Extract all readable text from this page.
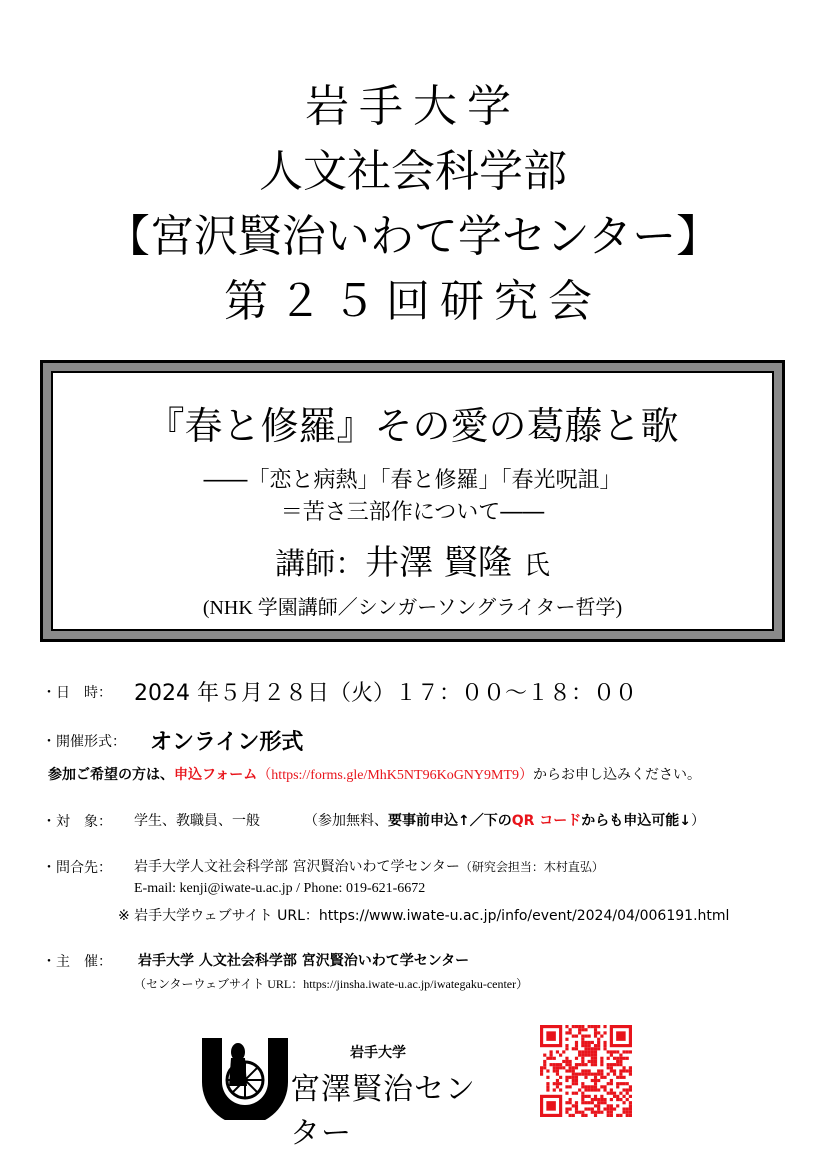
岩手大学
人文社会科学部
【宮沢賢治いわて学センター】
第２５回研究会
『春と修羅』その愛の葛藤と歌
――「恋と病熱」「春と修羅」「春光呪詛」
＝苦さ三部作について――
講師：井澤 賢隆 氏
(NHK 学園講師／シンガーソングライター哲学)
・日　時： 2024 年５月２８日（火）１７：００～１８：００
・開催形式： オンライン形式
参加ご希望の方は、申込フォーム（https://forms.gle/MhK5NT96KoGNY9MT9）からお申し込みください。
・対　象： 学生、教職員、一般	（参加無料、要事前申込↑／下のQR コードからも申込可能↓）
・問合先： 岩手大学人文社会科学部 宮沢賢治いわて学センター（研究会担当：木村直弘）
E-mail: kenji@iwate-u.ac.jp / Phone: 019-621-6672
※ 岩手大学ウェブサイト URL：https://www.iwate-u.ac.jp/info/event/2024/04/006191.html
・主　催： 岩手大学 人文社会科学部 宮沢賢治いわて学センター
（センターウェブサイト URL：https://jinsha.iwate-u.ac.jp/iwategaku-center）
岩手大学
宮澤賢治センター
